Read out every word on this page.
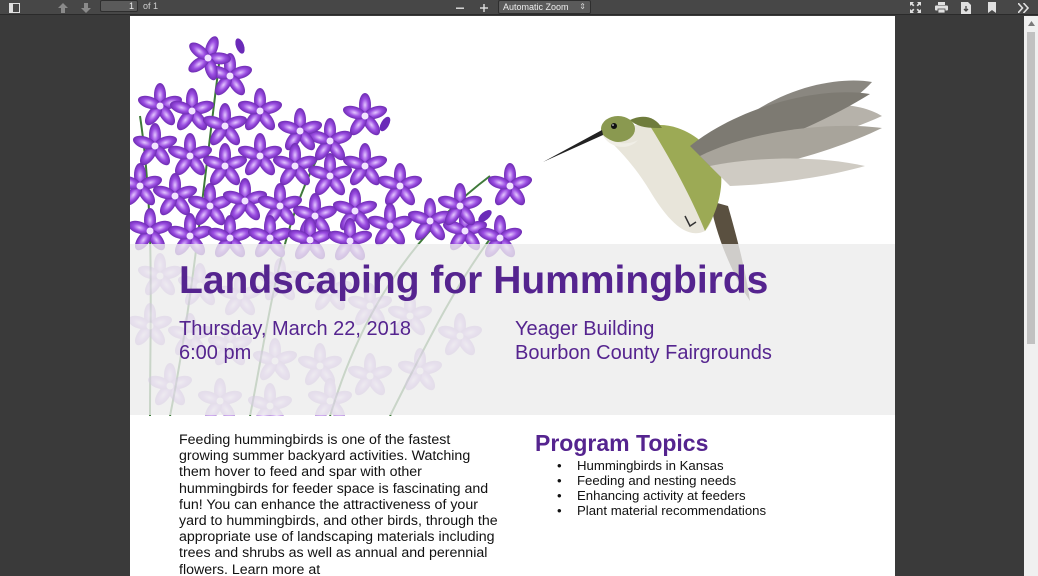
1	of 1	Automatic Zoom ⇕
Landscaping for Hummingbirds
Thursday, March 22, 2018
6:00 pm
Yeager Building
Bourbon County Fairgrounds

Feeding hummingbirds is one of the fastest growing summer backyard activities. Watching them hover to feed and spar with other hummingbirds for feeder space is fascinating and fun! You can enhance the attractiveness of your yard to hummingbirds, and other birds, through the appropriate use of landscaping materials including trees and shrubs as well as annual and perennial flowers. Learn more at

Program Topics
• Hummingbirds in Kansas
• Feeding and nesting needs
• Enhancing activity at feeders
• Plant material recommendations
